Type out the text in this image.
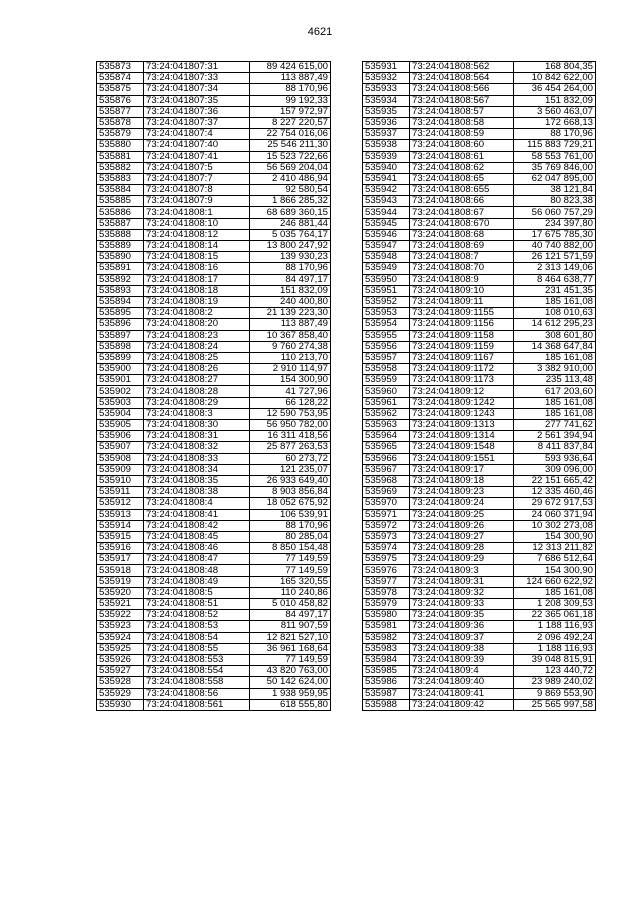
4621
535873	73:24:041807:31	89 424 615,00
535874	73:24:041807:33	113 887,49
535875	73:24:041807:34	88 170,96
535876	73:24:041807:35	99 192,33
535877	73:24:041807:36	157 972,97
535878	73:24:041807:37	8 227 220,57
535879	73:24:041807:4	22 754 016,06
535880	73:24:041807:40	25 546 211,30
535881	73:24:041807:41	15 523 722,66
535882	73:24:041807:5	56 569 204,04
535883	73:24:041807:7	2 410 486,94
535884	73:24:041807:8	92 580,54
535885	73:24:041807:9	1 866 285,32
535886	73:24:041808:1	68 689 360,15
535887	73:24:041808:10	246 881,44
535888	73:24:041808:12	5 035 764,17
535889	73:24:041808:14	13 800 247,92
535890	73:24:041808:15	139 930,23
535891	73:24:041808:16	88 170,96
535892	73:24:041808:17	84 497,17
535893	73:24:041808:18	151 832,09
535894	73:24:041808:19	240 400,80
535895	73:24:041808:2	21 139 223,30
535896	73:24:041808:20	113 887,49
535897	73:24:041808:23	10 367 858,40
535898	73:24:041808:24	9 760 274,38
535899	73:24:041808:25	110 213,70
535900	73:24:041808:26	2 910 114,97
535901	73:24:041808:27	154 300,90
535902	73:24:041808:28	41 727,96
535903	73:24:041808:29	66 128,22
535904	73:24:041808:3	12 590 753,95
535905	73:24:041808:30	56 950 782,00
535906	73:24:041808:31	16 311 418,56
535907	73:24:041808:32	25 877 263,53
535908	73:24:041808:33	60 273,72
535909	73:24:041808:34	121 235,07
535910	73:24:041808:35	26 933 649,40
535911	73:24:041808:38	8 903 856,84
535912	73:24:041808:4	18 052 675,92
535913	73:24:041808:41	106 539,91
535914	73:24:041808:42	88 170,96
535915	73:24:041808:45	80 285,04
535916	73:24:041808:46	8 850 154,48
535917	73:24:041808:47	77 149,59
535918	73:24:041808:48	77 149,59
535919	73:24:041808:49	165 320,55
535920	73:24:041808:5	110 240,86
535921	73:24:041808:51	5 010 458,82
535922	73:24:041808:52	84 497,17
535923	73:24:041808:53	811 907,59
535924	73:24:041808:54	12 821 527,10
535925	73:24:041808:55	36 961 168,64
535926	73:24:041808:553	77 149,59
535927	73:24:041808:554	43 820 763,00
535928	73:24:041808:558	50 142 624,00
535929	73:24:041808:56	1 938 959,95
535930	73:24:041808:561	618 555,80
535931	73:24:041808:562	168 804,35
535932	73:24:041808:564	10 842 622,00
535933	73:24:041808:566	36 454 264,00
535934	73:24:041808:567	151 832,09
535935	73:24:041808:57	3 560 463,07
535936	73:24:041808:58	172 668,13
535937	73:24:041808:59	88 170,96
535938	73:24:041808:60	115 883 729,21
535939	73:24:041808:61	58 553 761,00
535940	73:24:041808:62	35 769 846,00
535941	73:24:041808:65	62 047 895,00
535942	73:24:041808:655	38 121,84
535943	73:24:041808:66	80 823,38
535944	73:24:041808:67	56 060 757,29
535945	73:24:041808:670	234 397,80
535946	73:24:041808:68	17 675 785,30
535947	73:24:041808:69	40 740 882,00
535948	73:24:041808:7	26 121 571,59
535949	73:24:041808:70	2 313 149,06
535950	73:24:041808:9	8 464 638,77
535951	73:24:041809:10	231 451,35
535952	73:24:041809:11	185 161,08
535953	73:24:041809:1155	108 010,63
535954	73:24:041809:1156	14 612 295,23
535955	73:24:041809:1158	308 601,80
535956	73:24:041809:1159	14 368 647,84
535957	73:24:041809:1167	185 161,08
535958	73:24:041809:1172	3 382 910,00
535959	73:24:041809:1173	235 113,48
535960	73:24:041809:12	617 203,60
535961	73:24:041809:1242	185 161,08
535962	73:24:041809:1243	185 161,08
535963	73:24:041809:1313	277 741,62
535964	73:24:041809:1314	2 561 394,94
535965	73:24:041809:1548	8 411 837,84
535966	73:24:041809:1551	593 936,64
535967	73:24:041809:17	309 096,00
535968	73:24:041809:18	22 151 665,42
535969	73:24:041809:23	12 335 460,46
535970	73:24:041809:24	29 672 917,53
535971	73:24:041809:25	24 060 371,94
535972	73:24:041809:26	10 302 273,08
535973	73:24:041809:27	154 300,90
535974	73:24:041809:28	12 313 211,82
535975	73:24:041809:29	7 686 512,64
535976	73:24:041809:3	154 300,90
535977	73:24:041809:31	124 660 622,92
535978	73:24:041809:32	185 161,08
535979	73:24:041809:33	1 208 309,53
535980	73:24:041809:35	22 365 061,18
535981	73:24:041809:36	1 188 116,93
535982	73:24:041809:37	2 096 492,24
535983	73:24:041809:38	1 188 116,93
535984	73:24:041809:39	39 048 815,91
535985	73:24:041809:4	123 440,72
535986	73:24:041809:40	23 989 240,02
535987	73:24:041809:41	9 869 553,90
535988	73:24:041809:42	25 565 997,58
